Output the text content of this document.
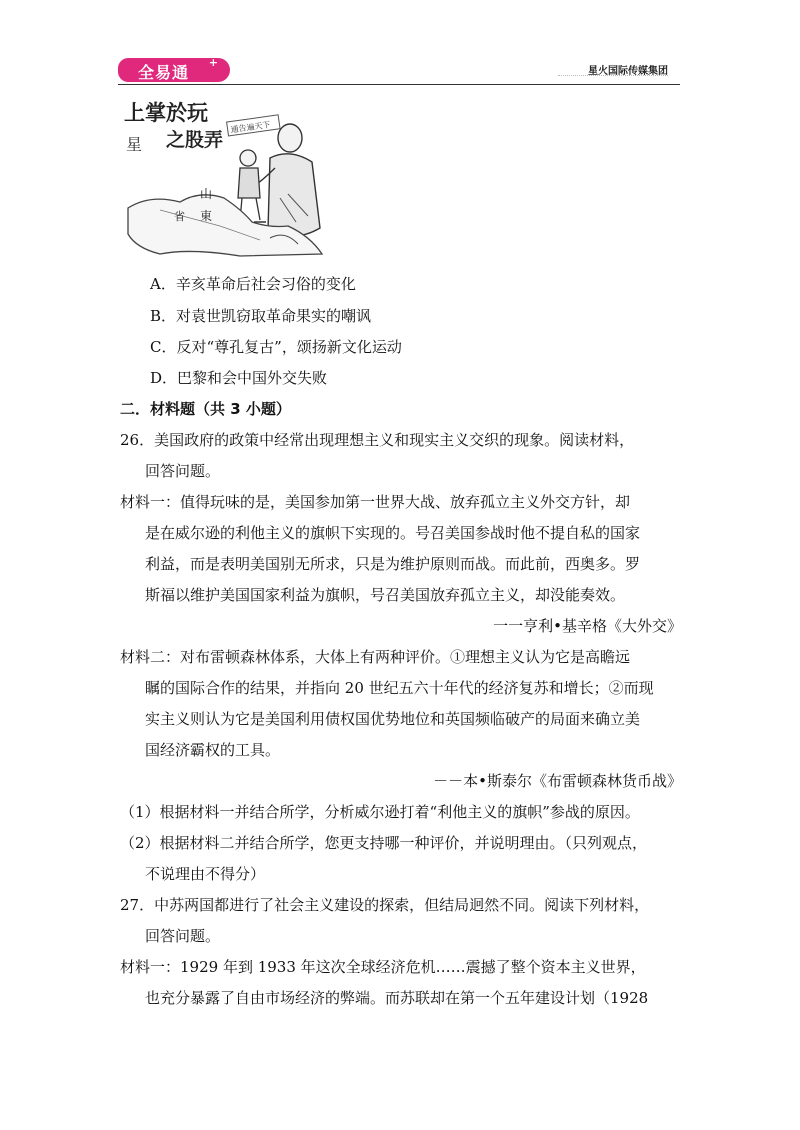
全易通
+
星火国际传媒集团
上掌於玩
之股弄
星
通告遍天下
山
東
省
A．辛亥革命后社会习俗的变化
B．对袁世凯窃取革命果实的嘲讽
C．反对“尊孔复古”，颂扬新文化运动
D．巴黎和会中国外交失败
二．材料题（共 3 小题）
26．美国政府的政策中经常出现理想主义和现实主义交织的现象。阅读材料，
回答问题。
材料一：值得玩味的是，美国参加第一世界大战、放弃孤立主义外交方针，却
是在威尔逊的利他主义的旗帜下实现的。号召美国参战时他不提自私的国家
利益，而是表明美国别无所求，只是为维护原则而战。而此前，西奥多。罗
斯福以维护美国国家利益为旗帜，号召美国放弃孤立主义，却没能奏效。
一一亨利•基辛格《大外交》
材料二：对布雷顿森林体系，大体上有两种评价。①理想主义认为它是高瞻远
瞩的国际合作的结果，并指向 20 世纪五六十年代的经济复苏和增长；②而现
实主义则认为它是美国利用债权国优势地位和英国频临破产的局面来确立美
国经济霸权的工具。
－－本•斯泰尔《布雷顿森林货币战》
（1）根据材料一并结合所学，分析威尔逊打着“利他主义的旗帜”参战的原因。
（2）根据材料二并结合所学，您更支持哪一种评价，并说明理由。（只列观点，
不说理由不得分）
27．中苏两国都进行了社会主义建设的探索，但结局迥然不同。阅读下列材料，
回答问题。
材料一：1929 年到 1933 年这次全球经济危机……震撼了整个资本主义世界，
也充分暴露了自由市场经济的弊端。而苏联却在第一个五年建设计划（1928
